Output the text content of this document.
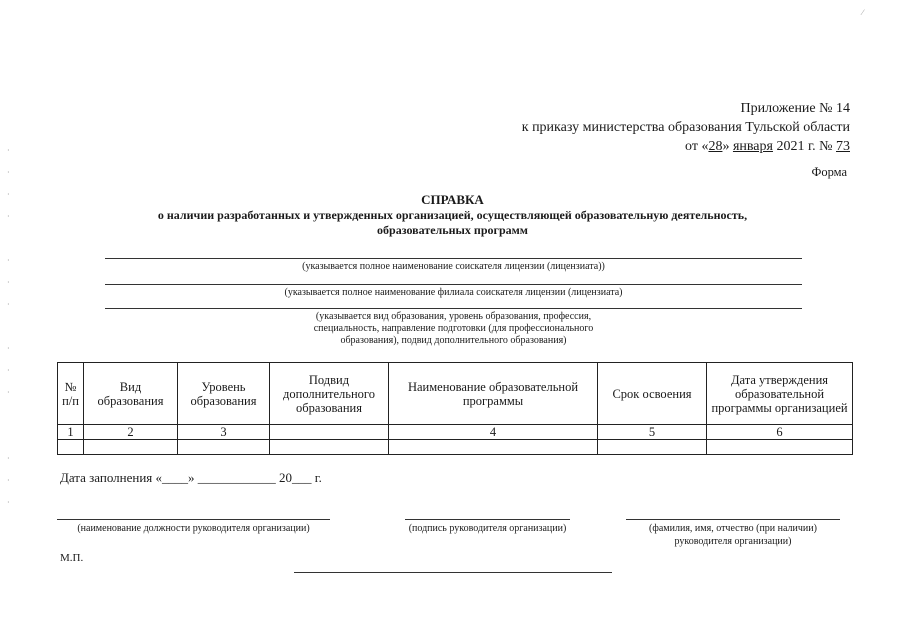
Приложение № 14
к приказу министерства образования Тульской области
от «28» января 2021 г. № 73
Форма
СПРАВКА
о наличии разработанных и утвержденных организацией, осуществляющей образовательную деятельность,
образовательных программ
(указывается полное наименование соискателя лицензии (лицензиата))
(указывается полное наименование филиала соискателя лицензии (лицензиата)
(указывается вид образования, уровень образования, профессия,
специальность, направление подготовки (для профессионального
образования), подвид дополнительного образования)
№ п/п	Вид образования	Уровень образования	Подвид дополнительного образования	Наименование образовательной программы	Срок освоения	Дата утверждения образовательной программы организацией
1	2	3		4	5	6

Дата заполнения «____» ____________ 20___ г.
(наименование должности руководителя организации)	(подпись руководителя организации)	(фамилия, имя, отчество (при наличии)
руководителя организации)
М.П.
·
·
·
·

·
·
·

·
·
·

·
·
·
⁄
